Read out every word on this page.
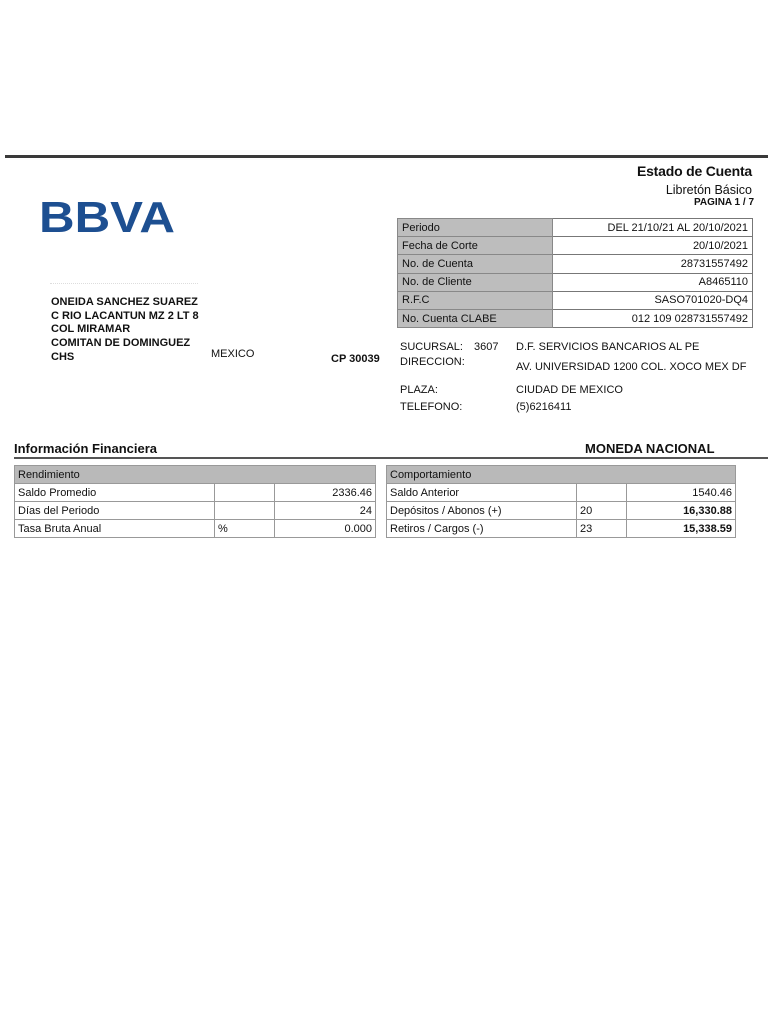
Estado de Cuenta
Libretón Básico
PAGINA 1 / 7
BBVA
ONEIDA SANCHEZ SUAREZ
C RIO LACANTUN MZ 2 LT 8
COL MIRAMAR
COMITAN DE DOMINGUEZ
CHS	MEXICO	CP 30039
Periodo	DEL 21/10/21 AL 20/10/2021
Fecha de Corte	20/10/2021
No. de Cuenta	28731557492
No. de Cliente	A8465110
R.F.C	SASO701020-DQ4
No. Cuenta CLABE	012 109 028731557492
SUCURSAL: 3607 D.F. SERVICIOS BANCARIOS AL PE
DIRECCION:	AV. UNIVERSIDAD 1200 COL. XOCO MEX DF
PLAZA:	CIUDAD DE MEXICO
TELEFONO:	(5)6216411
Información Financiera	MONEDA NACIONAL
Rendimiento		
Saldo Promedio		2336.46
Días del Periodo		24
Tasa Bruta Anual	%	0.000
Comportamiento		
Saldo Anterior		1540.46
Depósitos / Abonos (+)	20	16,330.88
Retiros / Cargos (-)	23	15,338.59
